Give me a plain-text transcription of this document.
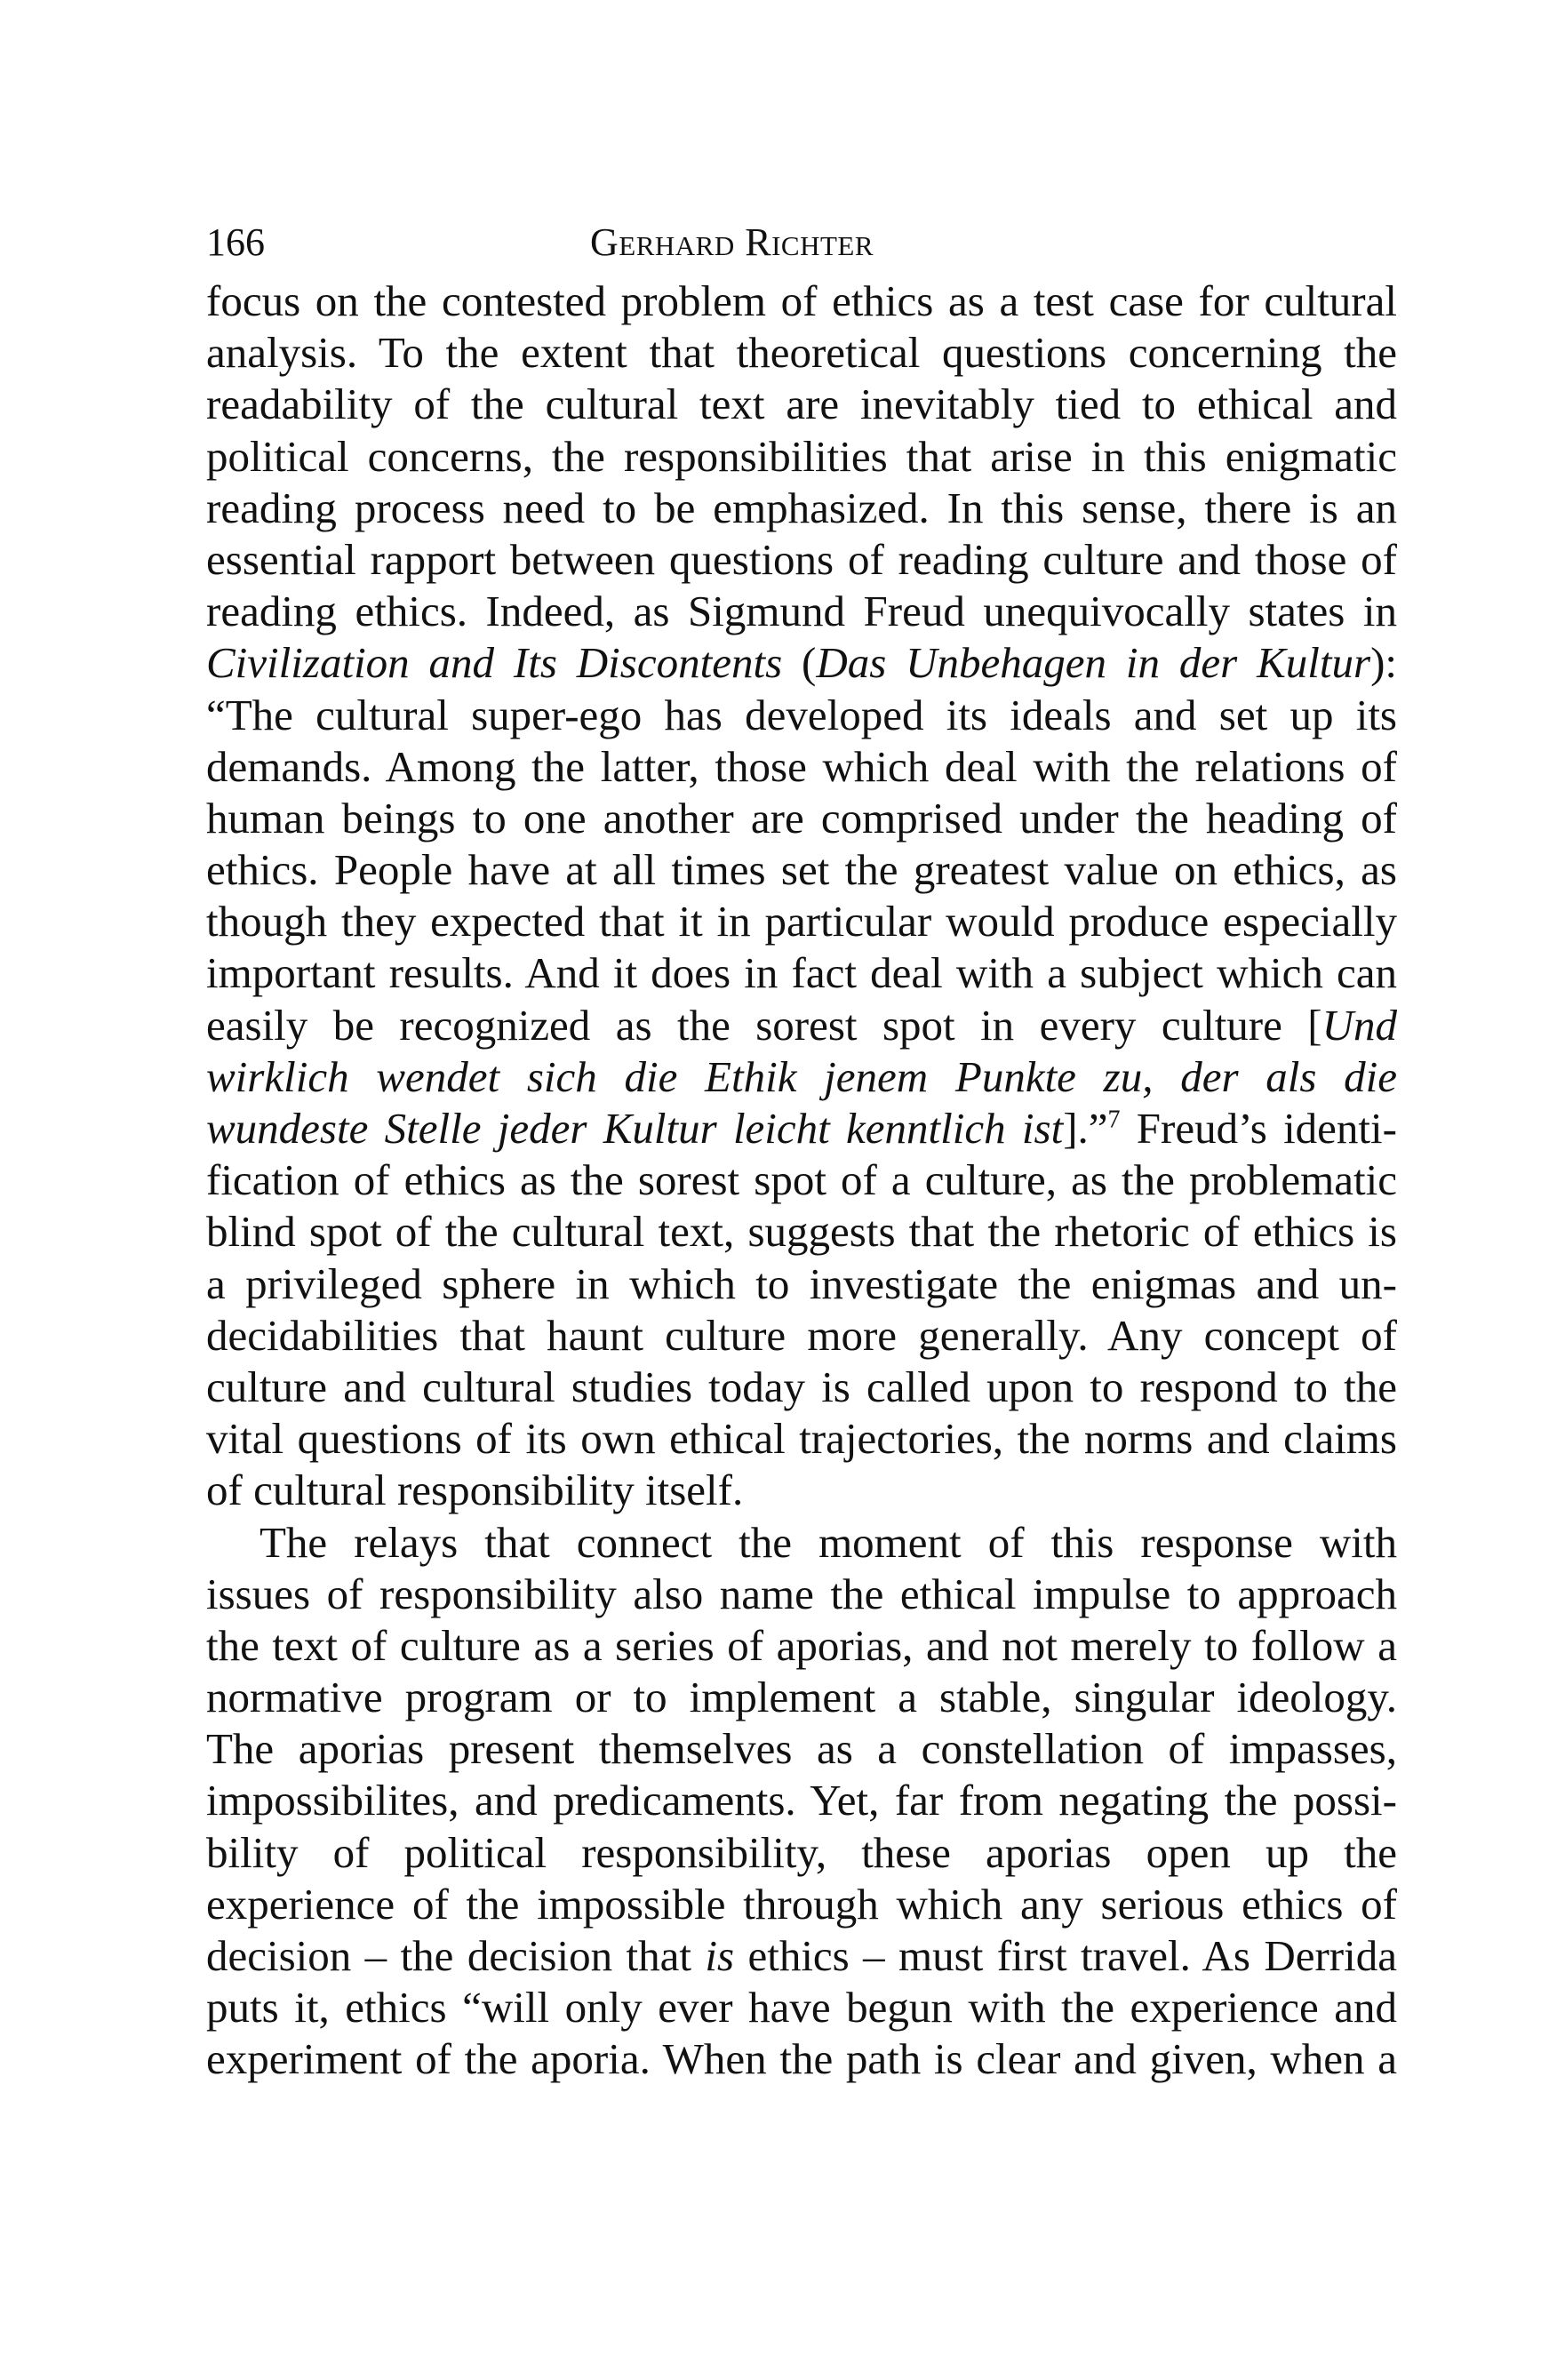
166	Gerhard Richter
focus on the contested problem of ethics as a test case for cultural
analysis. To the extent that theoretical questions concerning the
readability of the cultural text are inevitably tied to ethical and
political concerns, the responsibilities that arise in this enigmatic
reading process need to be emphasized. In this sense, there is an
essential rapport between questions of reading culture and those of
reading ethics. Indeed, as Sigmund Freud unequivocally states in
Civilization and Its Discontents (Das Unbehagen in der Kultur):
“The cultural super-ego has developed its ideals and set up its
demands. Among the latter, those which deal with the relations of
human beings to one another are comprised under the heading of
ethics. People have at all times set the greatest value on ethics, as
though they expected that it in particular would produce especially
important results. And it does in fact deal with a subject which can
easily be recognized as the sorest spot in every culture [Und
wirklich wendet sich die Ethik jenem Punkte zu, der als die
wundeste Stelle jeder Kultur leicht kenntlich ist].”$^7$ Freud’s identi-
fication of ethics as the sorest spot of a culture, as the problematic
blind spot of the cultural text, suggests that the rhetoric of ethics is
a privileged sphere in which to investigate the enigmas and un-
decidabilities that haunt culture more generally. Any concept of
culture and cultural studies today is called upon to respond to the
vital questions of its own ethical trajectories, the norms and claims
of cultural responsibility itself.
The relays that connect the moment of this response with
issues of responsibility also name the ethical impulse to approach
the text of culture as a series of aporias, and not merely to follow a
normative program or to implement a stable, singular ideology.
The aporias present themselves as a constellation of impasses,
impossibilites, and predicaments. Yet, far from negating the possi-
bility of political responsibility, these aporias open up the
experience of the impossible through which any serious ethics of
decision – the decision that is ethics – must first travel. As Derrida
puts it, ethics “will only ever have begun with the experience and
experiment of the aporia. When the path is clear and given, when a
